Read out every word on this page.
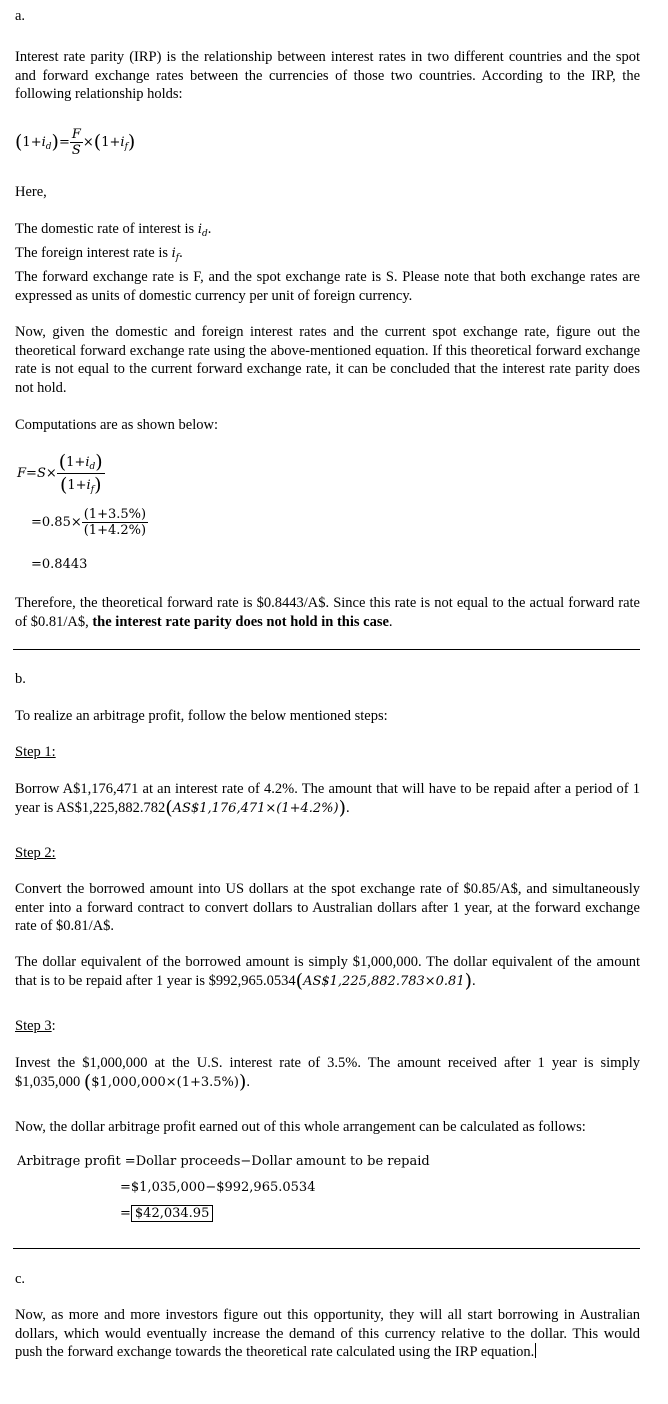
a.
Interest rate parity (IRP) is the relationship between interest rates in two different countries and the spot and forward exchange rates between the currencies of those two countries. According to the IRP, the following relationship holds:
$(1+i_d)= \frac{F}{S} \times(1+i_f)$
Here,
The domestic rate of interest is $i_d$.
The foreign interest rate is $i_f$.
The forward exchange rate is F, and the spot exchange rate is S. Please note that both exchange rates are expressed as units of domestic currency per unit of foreign currency.
Now, given the domestic and foreign interest rates and the current spot exchange rate, figure out the theoretical forward exchange rate using the above-mentioned equation. If this theoretical forward exchange rate is not equal to the current forward exchange rate, it can be concluded that the interest rate parity does not hold.
Computations are as shown below:
$F=S\times \frac{(1+i_d)}{(1+i_f)}$
$=0.85\times \frac{(1+3.5\%)}{(1+4.2\%)}$
=0.8443
Therefore, the theoretical forward rate is $0.8443/A$. Since this rate is not equal to the actual forward rate of $0.81/A$, the interest rate parity does not hold in this case.
b.
To realize an arbitrage profit, follow the below mentioned steps:
Step 1:
Borrow A$1,176,471 at an interest rate of 4.2%. The amount that will have to be repaid after a period of 1 year is AS$1,225,882.782(AS$1,176,471×(1+4.2%)).
Step 2:
Convert the borrowed amount into US dollars at the spot exchange rate of $0.85/A$, and simultaneously enter into a forward contract to convert dollars to Australian dollars after 1 year, at the forward exchange rate of $0.81/A$.
The dollar equivalent of the borrowed amount is simply $1,000,000. The dollar equivalent of the amount that is to be repaid after 1 year is $992,965.0534(AS$1,225,882.783×0.81).
Step 3:
Invest the $1,000,000 at the U.S. interest rate of 3.5%. The amount received after 1 year is simply $1,035,000 ($1,000,000×(1+3.5%)).
Now, the dollar arbitrage profit earned out of this whole arrangement can be calculated as follows:
Arbitrage profit =Dollar proceeds−Dollar amount to be repaid
=$1,035,000−$992,965.0534
= $42,034.95
c.
Now, as more and more investors figure out this opportunity, they will all start borrowing in Australian dollars, which would eventually increase the demand of this currency relative to the dollar. This would push the forward exchange towards the theoretical rate calculated using the IRP equation.
